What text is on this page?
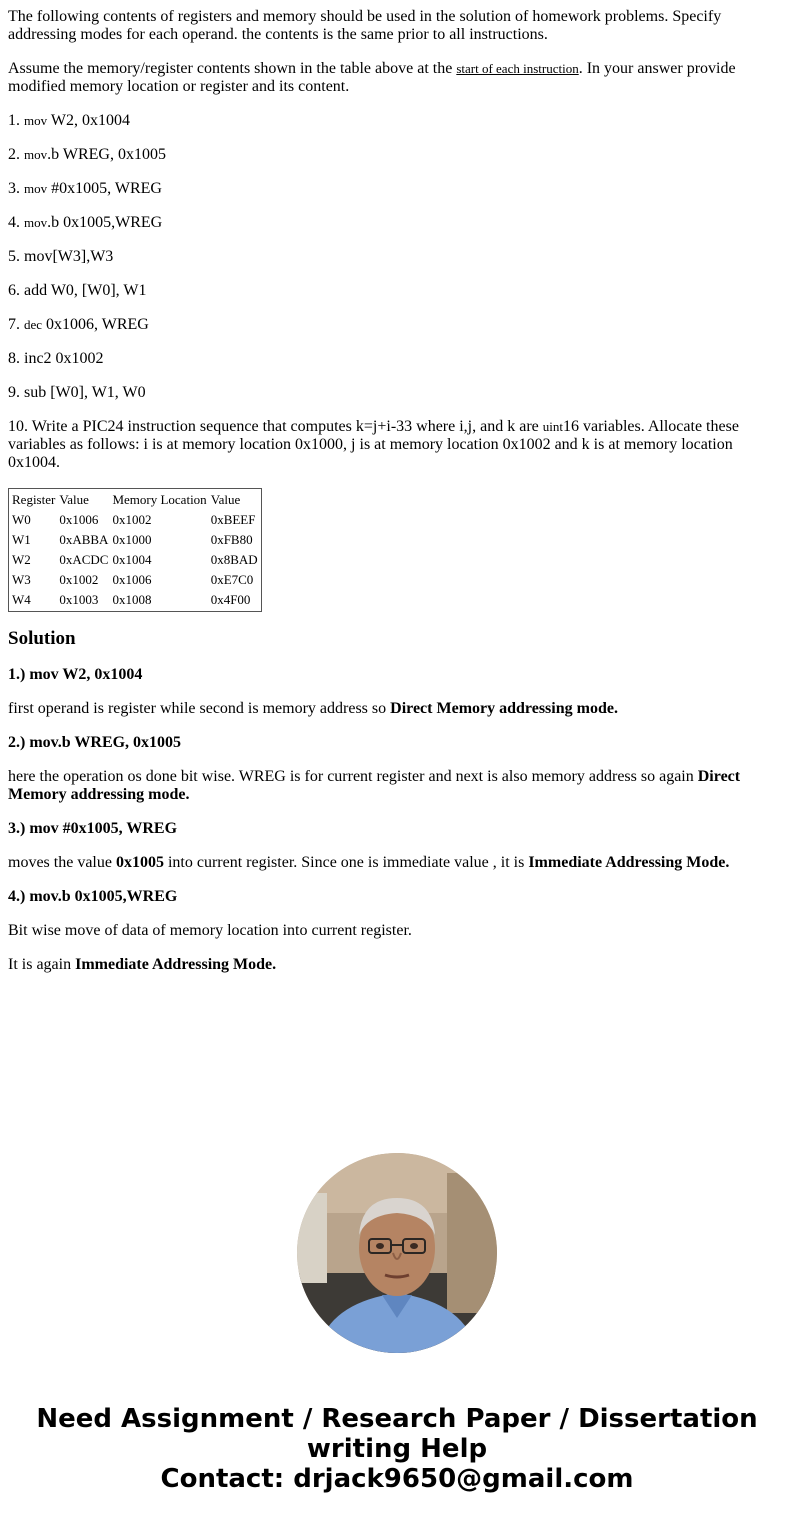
The following contents of registers and memory should be used in the solution of homework problems. Specify addressing modes for each operand. the contents is the same prior to all instructions.

Assume the memory/register contents shown in the table above at the start of each instruction. In your answer provide modified memory location or register and its content.

1. mov W2, 0x1004

2. mov.b WREG, 0x1005

3. mov #0x1005, WREG

4. mov.b 0x1005,WREG

5. mov[W3],W3

6. add W0, [W0], W1

7. dec 0x1006, WREG

8. inc2 0x1002

9. sub [W0], W1, W0

10. Write a PIC24 instruction sequence that computes k=j+i-33 where i,j, and k are uint16 variables. Allocate these variables as follows: i is at memory location 0x1000, j is at memory location 0x1002 and k is at memory location 0x1004.

Register	Value	Memory Location	Value
W0	0x1006	0x1002	0xBEEF
W1	0xABBA	0x1000	0xFB80
W2	0xACDC	0x1004	0x8BAD
W3	0x1002	0x1006	0xE7C0
W4	0x1003	0x1008	0x4F00
Solution

1.) mov W2, 0x1004

first operand is register while second is memory address so Direct Memory addressing mode.

2.) mov.b WREG, 0x1005

here the operation os done bit wise. WREG is for current register and next is also memory address so again Direct Memory addressing mode.

3.) mov #0x1005, WREG

moves the value 0x1005 into current register. Since one is immediate value , it is Immediate Addressing Mode.

4.) mov.b 0x1005,WREG

Bit wise move of data of memory location into current register.

It is again Immediate Addressing Mode.

Need Assignment / Research Paper / Dissertation
writing Help
Contact: drjack9650@gmail.com
